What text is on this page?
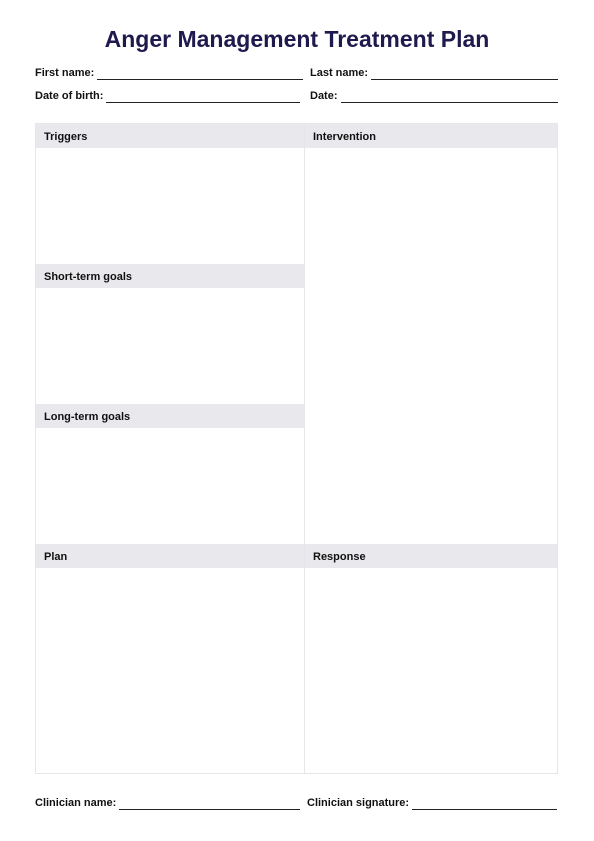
Anger Management Treatment Plan
First name:	Last name:
Date of birth:	Date:
Triggers
Short-term goals
Long-term goals
Intervention
Plan	Response
Clinician name:	Clinician signature:
